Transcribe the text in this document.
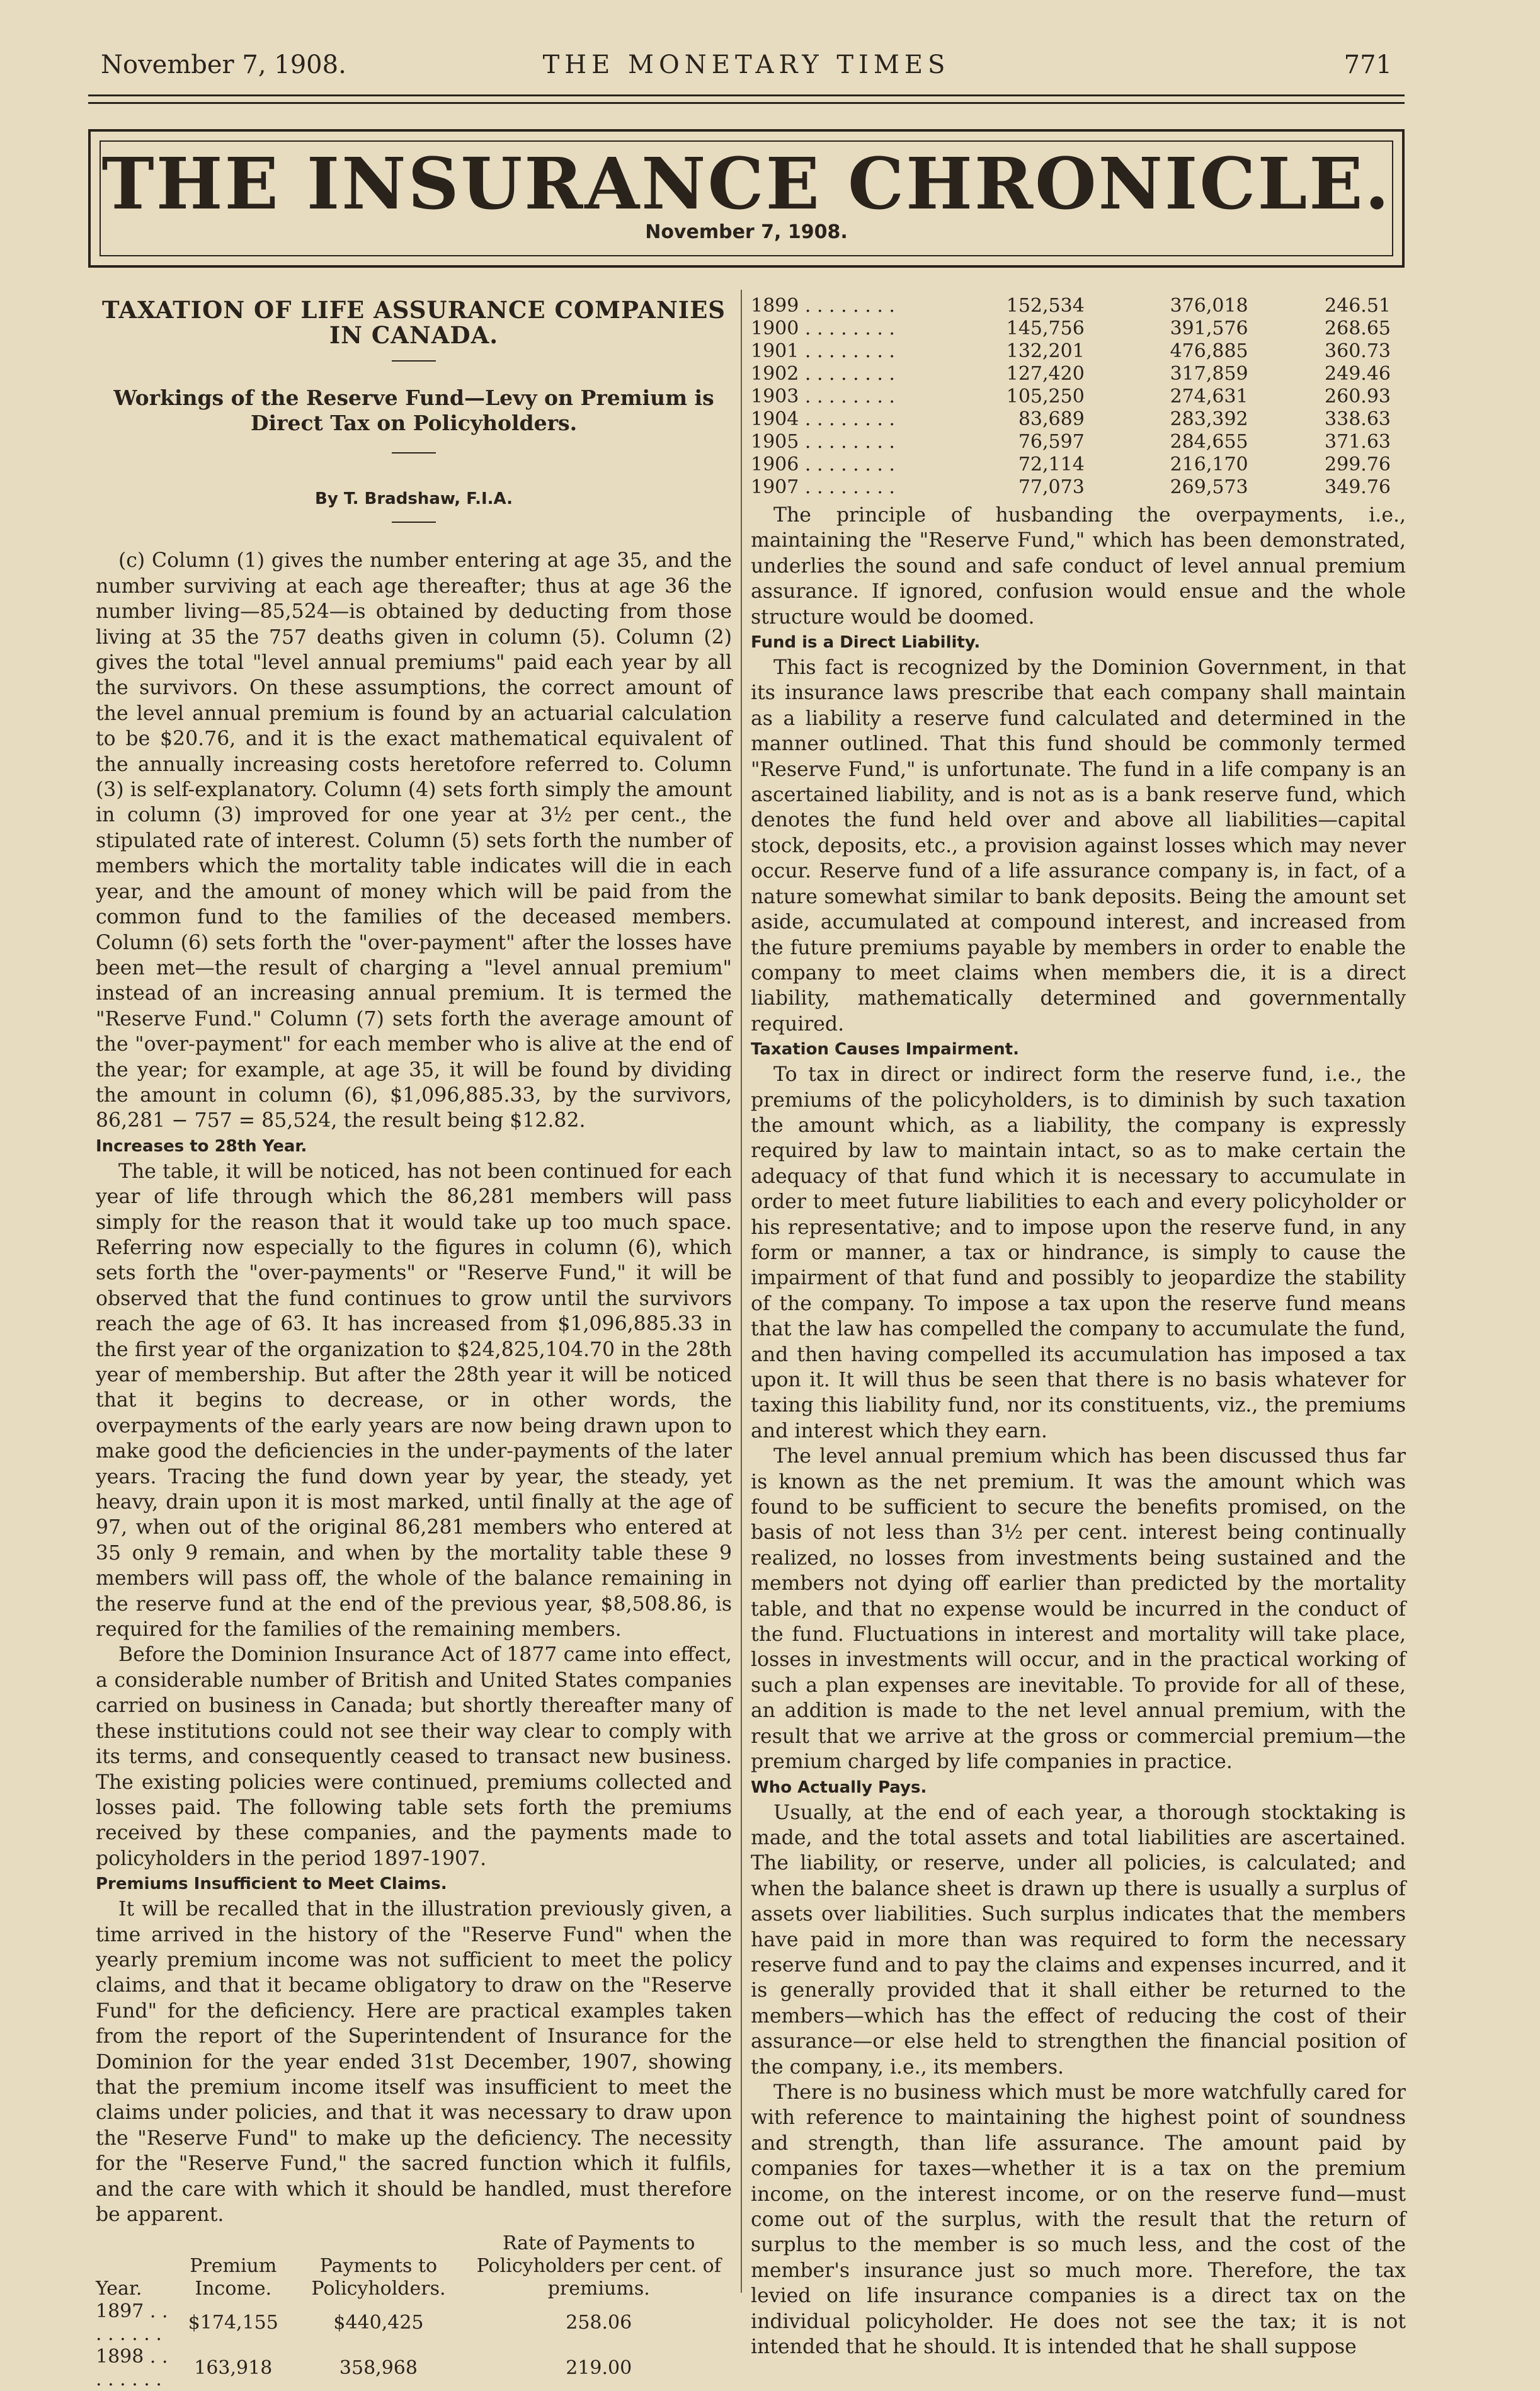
November 7, 1908.	THE MONETARY TIMES	771
THE INSURANCE CHRONICLE.
November 7, 1908.
TAXATION OF LIFE ASSURANCE COMPANIES IN CANADA.
Workings of the Reserve Fund—Levy on Premium is Direct Tax on Policyholders.
By T. Bradshaw, F.I.A.

(c) Column (1) gives the number entering at age 35, and the number surviving at each age thereafter; thus at age 36 the number living—85,524—is obtained by deducting from those living at 35 the 757 deaths given in column (5). Column (2) gives the total "level annual premiums" paid each year by all the survivors. On these assumptions, the correct amount of the level annual premium is found by an actuarial calculation to be $20.76, and it is the exact mathematical equivalent of the annually increasing costs heretofore referred to. Column (3) is self-explanatory. Column (4) sets forth simply the amount in column (3) improved for one year at 3½ per cent., the stipulated rate of interest. Column (5) sets forth the number of members which the mortality table indicates will die in each year, and the amount of money which will be paid from the common fund to the families of the deceased members. Column (6) sets forth the "over-payment" after the losses have been met—the result of charging a "level annual premium" instead of an increasing annual premium. It is termed the "Reserve Fund." Column (7) sets forth the average amount of the "over-payment" for each member who is alive at the end of the year; for example, at age 35, it will be found by dividing the amount in column (6), $1,096,885.33, by the survivors, 86,281 − 757 = 85,524, the result being $12.82.

Increases to 28th Year.

The table, it will be noticed, has not been continued for each year of life through which the 86,281 members will pass simply for the reason that it would take up too much space. Referring now especially to the figures in column (6), which sets forth the "over-payments" or "Reserve Fund," it will be observed that the fund continues to grow until the survivors reach the age of 63. It has increased from $1,096,885.33 in the first year of the organization to $24,825,104.70 in the 28th year of membership. But after the 28th year it will be noticed that it begins to decrease, or in other words, the overpayments of the early years are now being drawn upon to make good the deficiencies in the under-payments of the later years. Tracing the fund down year by year, the steady, yet heavy, drain upon it is most marked, until finally at the age of 97, when out of the original 86,281 members who entered at 35 only 9 remain, and when by the mortality table these 9 members will pass off, the whole of the balance remaining in the reserve fund at the end of the previous year, $8,508.86, is required for the families of the remaining members.

Before the Dominion Insurance Act of 1877 came into effect, a considerable number of British and United States companies carried on business in Canada; but shortly thereafter many of these institutions could not see their way clear to comply with its terms, and consequently ceased to transact new business. The existing policies were continued, premiums collected and losses paid. The following table sets forth the premiums received by these companies, and the payments made to policyholders in the period 1897-1907.

Premiums Insufficient to Meet Claims.

It will be recalled that in the illustration previously given, a time arrived in the history of the "Reserve Fund" when the yearly premium income was not sufficient to meet the policy claims, and that it became obligatory to draw on the "Reserve Fund" for the deficiency. Here are practical examples taken from the report of the Superintendent of Insurance for the Dominion for the year ended 31st December, 1907, showing that the premium income itself was insufficient to meet the claims under policies, and that it was necessary to draw upon the "Reserve Fund" to make up the deficiency. The necessity for the "Reserve Fund," the sacred function which it fulfils, and the care with which it should be handled, must therefore be apparent.

Year.	Premium Income.	Payments to Policyholders.	Rate of Payments to Policyholders per cent. of premiums.
1897 . . . . . . . .	$174,155	$440,425	258.06
1898 . . . . . . . .	163,918	358,968	219.00
1899 . . . . . . . .	152,534	376,018	246.51
1900 . . . . . . . .	145,756	391,576	268.65
1901 . . . . . . . .	132,201	476,885	360.73
1902 . . . . . . . .	127,420	317,859	249.46
1903 . . . . . . . .	105,250	274,631	260.93
1904 . . . . . . . .	83,689	283,392	338.63
1905 . . . . . . . .	76,597	284,655	371.63
1906 . . . . . . . .	72,114	216,170	299.76
1907 . . . . . . . .	77,073	269,573	349.76

The principle of husbanding the overpayments, i.e., maintaining the "Reserve Fund," which has been demonstrated, underlies the sound and safe conduct of level annual premium assurance. If ignored, confusion would ensue and the whole structure would be doomed.

Fund is a Direct Liability.

This fact is recognized by the Dominion Government, in that its insurance laws prescribe that each company shall maintain as a liability a reserve fund calculated and determined in the manner outlined. That this fund should be commonly termed "Reserve Fund," is unfortunate. The fund in a life company is an ascertained liability, and is not as is a bank reserve fund, which denotes the fund held over and above all liabilities—capital stock, deposits, etc., a provision against losses which may never occur. Reserve fund of a life assurance company is, in fact, of a nature somewhat similar to bank deposits. Being the amount set aside, accumulated at compound interest, and increased from the future premiums payable by members in order to enable the company to meet claims when members die, it is a direct liability, mathematically determined and governmentally required.

Taxation Causes Impairment.

To tax in direct or indirect form the reserve fund, i.e., the premiums of the policyholders, is to diminish by such taxation the amount which, as a liability, the company is expressly required by law to maintain intact, so as to make certain the adequacy of that fund which it is necessary to accumulate in order to meet future liabilities to each and every policyholder or his representative; and to impose upon the reserve fund, in any form or manner, a tax or hindrance, is simply to cause the impairment of that fund and possibly to jeopardize the stability of the company. To impose a tax upon the reserve fund means that the law has compelled the company to accumulate the fund, and then having compelled its accumulation has imposed a tax upon it. It will thus be seen that there is no basis whatever for taxing this liability fund, nor its constituents, viz., the premiums and interest which they earn.

The level annual premium which has been discussed thus far is known as the net premium. It was the amount which was found to be sufficient to secure the benefits promised, on the basis of not less than 3½ per cent. interest being continually realized, no losses from investments being sustained and the members not dying off earlier than predicted by the mortality table, and that no expense would be incurred in the conduct of the fund. Fluctuations in interest and mortality will take place, losses in investments will occur, and in the practical working of such a plan expenses are inevitable. To provide for all of these, an addition is made to the net level annual premium, with the result that we arrive at the gross or commercial premium—the premium charged by life companies in practice.

Who Actually Pays.

Usually, at the end of each year, a thorough stocktaking is made, and the total assets and total liabilities are ascertained. The liability, or reserve, under all policies, is calculated; and when the balance sheet is drawn up there is usually a surplus of assets over liabilities. Such surplus indicates that the members have paid in more than was required to form the necessary reserve fund and to pay the claims and expenses incurred, and it is generally provided that it shall either be returned to the members—which has the effect of reducing the cost of their assurance—or else held to strengthen the financial position of the company, i.e., its members.

There is no business which must be more watchfully cared for with reference to maintaining the highest point of soundness and strength, than life assurance. The amount paid by companies for taxes—whether it is a tax on the premium income, on the interest income, or on the reserve fund—must come out of the surplus, with the result that the return of surplus to the member is so much less, and the cost of the member's insurance just so much more. Therefore, the tax levied on life insurance companies is a direct tax on the individual policyholder. He does not see the tax; it is not intended that he should. It is intended that he shall suppose
